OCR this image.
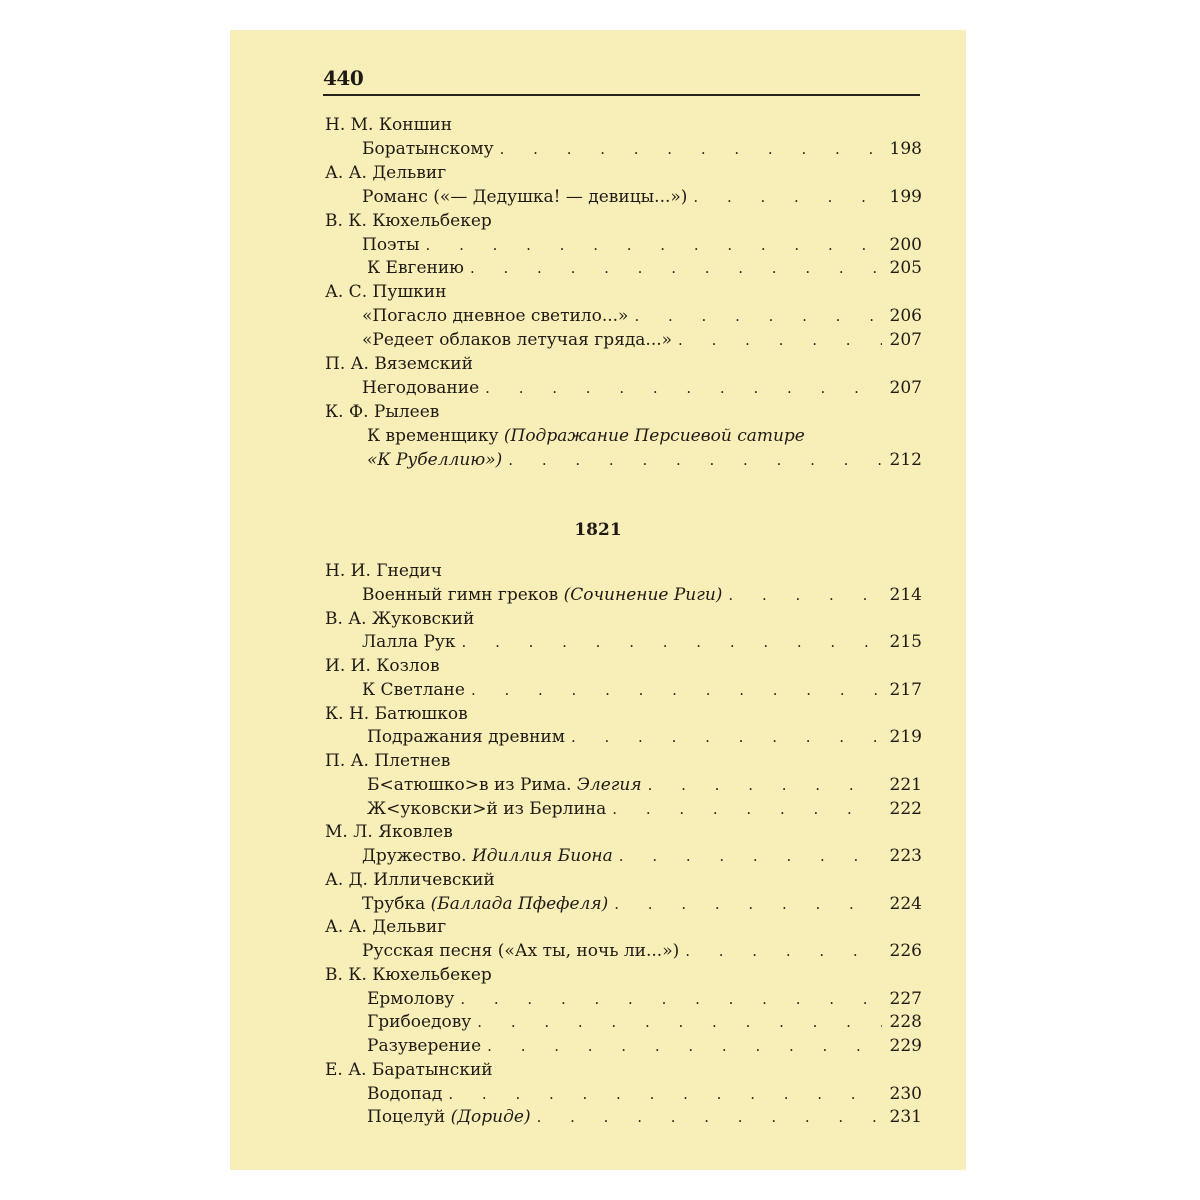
440
Н. М. Коншин
Боратынскому . . .	198
А. А. Дельвиг
Романс («— Дедушка! — девицы...») . . .	199
В. К. Кюхельбекер
Поэты . . .	200
К Евгению . . .	205
А. С. Пушкин
«Погасло дневное светило...» . . .	206
«Редеет облаков летучая гряда...» . . .	207
П. А. Вяземский
Негодование . . .	207
К. Ф. Рылеев
К временщику (Подражание Персиевой сатире
«К Рубеллию») . . .	212
1821
Н. И. Гнедич
Военный гимн греков (Сочинение Риги) . . .	214
В. А. Жуковский
Лалла Рук . . .	215
И. И. Козлов
К Светлане . . .	217
К. Н. Батюшков
Подражания древним . . .	219
П. А. Плетнев
Б<атюшко>в из Рима. Элегия . . .	221
Ж<уковски>й из Берлина . . .	222
М. Л. Яковлев
Дружество. Идиллия Биона . . .	223
А. Д. Илличевский
Трубка (Баллада Пфефеля) . . .	224
А. А. Дельвиг
Русская песня («Ах ты, ночь ли...») . . .	226
В. К. Кюхельбекер
Ермолову . . .	227
Грибоедову . . .	228
Разуверение . . .	229
Е. А. Баратынский
Водопад . . .	230
Поцелуй (Дориде) . . .	231
